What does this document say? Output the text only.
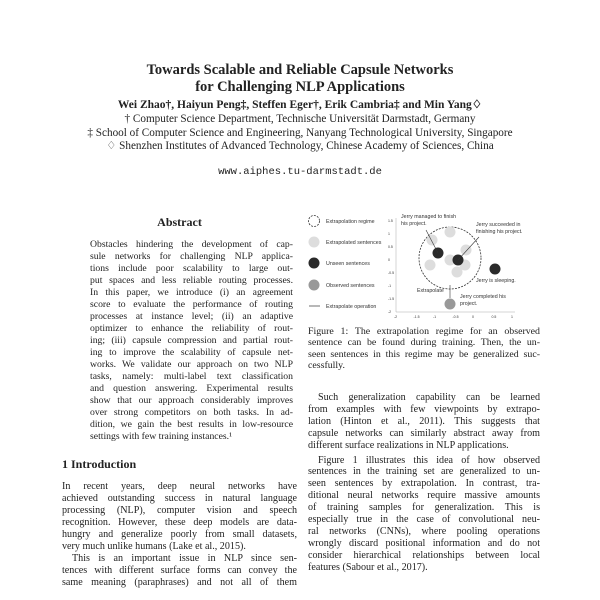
Towards Scalable and Reliable Capsule Networks
for Challenging NLP Applications
Wei Zhao†, Haiyun Peng‡, Steffen Eger†, Erik Cambria‡ and Min Yang♢
† Computer Science Department, Technische Universität Darmstadt, Germany
‡ School of Computer Science and Engineering, Nanyang Technological University, Singapore
♢ Shenzhen Institutes of Advanced Technology, Chinese Academy of Sciences, China
www.aiphes.tu-darmstadt.de
Abstract
Obstacles hindering the development of cap-
sule networks for challenging NLP applica-
tions include poor scalability to large out-
put spaces and less reliable routing processes.
In this paper, we introduce (i) an agreement
score to evaluate the performance of routing
processes at instance level; (ii) an adaptive
optimizer to enhance the reliability of rout-
ing; (iii) capsule compression and partial rout-
ing to improve the scalability of capsule net-
works. We validate our approach on two NLP
tasks, namely: multi-label text classification
and question answering. Experimental results
show that our approach considerably improves
over strong competitors on both tasks. In ad-
dition, we gain the best results in low-resource
settings with few training instances.¹
1 Introduction
In recent years, deep neural networks have
achieved outstanding success in natural language
processing (NLP), computer vision and speech
recognition. However, these deep models are data-
hungry and generalize poorly from small datasets,
very much unlike humans (Lake et al., 2015).
This is an important issue in NLP since sen-
tences with different surface forms can convey the
same meaning (paraphrases) and not all of them
Extrapolation regime
Extrapolated sentences
Unseen sentences
Observed sentences
Extrapolate operation
1.5
1
0.5
0
-0.5
-1
-1.5
-2
-2	-1.5	-1	-0.5	0	0.5	1
Jerry managed to finish
his project.	Jerry succeeded in
finishing his project.
Jerry is sleeping.
Extrapolate
Jerry completed his
project.
Figure 1: The extrapolation regime for an observed
sentence can be found during training. Then, the un-
seen sentences in this regime may be generalized suc-
cessfully.
Such generalization capability can be learned
from examples with few viewpoints by extrapo-
lation (Hinton et al., 2011). This suggests that
capsule networks can similarly abstract away from
different surface realizations in NLP applications.
Figure 1 illustrates this idea of how observed
sentences in the training set are generalized to un-
seen sentences by extrapolation. In contrast, tra-
ditional neural networks require massive amounts
of training samples for generalization. This is
especially true in the case of convolutional neu-
ral networks (CNNs), where pooling operations
wrongly discard positional information and do not
consider hierarchical relationships between local
features (Sabour et al., 2017).
